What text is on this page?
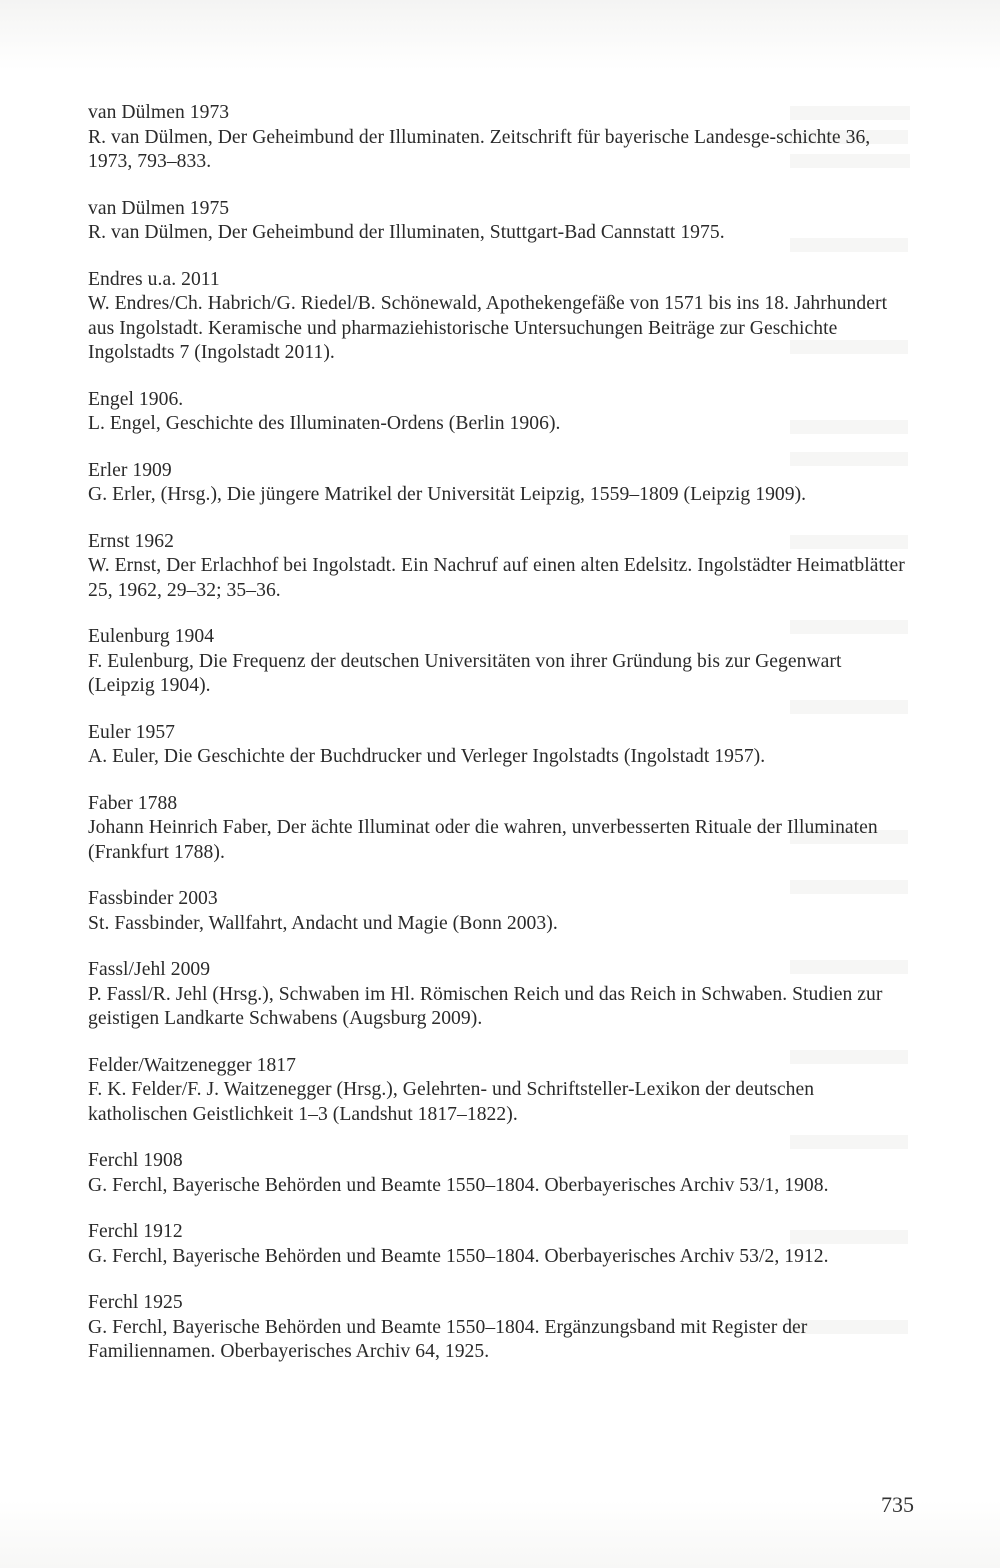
van Dülmen 1973
R. van Dülmen, Der Geheimbund der Illuminaten. Zeitschrift für bayerische Landesge-schichte 36, 1973, 793–833.
van Dülmen 1975
R. van Dülmen, Der Geheimbund der Illuminaten, Stuttgart-Bad Cannstatt 1975.
Endres u.a. 2011
W. Endres/Ch. Habrich/G. Riedel/B. Schönewald, Apothekengefäße von 1571 bis ins 18. Jahrhundert aus Ingolstadt. Keramische und pharmaziehistorische Untersuchungen Beiträge zur Geschichte Ingolstadts 7 (Ingolstadt 2011).
Engel 1906.
L. Engel, Geschichte des Illuminaten-Ordens (Berlin 1906).
Erler 1909
G. Erler, (Hrsg.), Die jüngere Matrikel der Universität Leipzig, 1559–1809 (Leipzig 1909).
Ernst 1962
W. Ernst, Der Erlachhof bei Ingolstadt. Ein Nachruf auf einen alten Edelsitz. Ingolstädter Heimatblätter 25, 1962, 29–32; 35–36.
Eulenburg 1904
F. Eulenburg, Die Frequenz der deutschen Universitäten von ihrer Gründung bis zur Gegenwart (Leipzig 1904).
Euler 1957
A. Euler, Die Geschichte der Buchdrucker und Verleger Ingolstadts (Ingolstadt 1957).
Faber 1788
Johann Heinrich Faber, Der ächte Illuminat oder die wahren, unverbesserten Rituale der Illuminaten (Frankfurt 1788).
Fassbinder 2003
St. Fassbinder, Wallfahrt, Andacht und Magie (Bonn 2003).
Fassl/Jehl 2009
P. Fassl/R. Jehl (Hrsg.), Schwaben im Hl. Römischen Reich und das Reich in Schwaben. Studien zur geistigen Landkarte Schwabens (Augsburg 2009).
Felder/Waitzenegger 1817
F. K. Felder/F. J. Waitzenegger (Hrsg.), Gelehrten- und Schriftsteller-Lexikon der deutschen katholischen Geistlichkeit 1–3 (Landshut 1817–1822).
Ferchl 1908
G. Ferchl, Bayerische Behörden und Beamte 1550–1804. Oberbayerisches Archiv 53/1, 1908.
Ferchl 1912
G. Ferchl, Bayerische Behörden und Beamte 1550–1804. Oberbayerisches Archiv 53/2, 1912.
Ferchl 1925
G. Ferchl, Bayerische Behörden und Beamte 1550–1804. Ergänzungsband mit Register der Familiennamen. Oberbayerisches Archiv 64, 1925.
735
